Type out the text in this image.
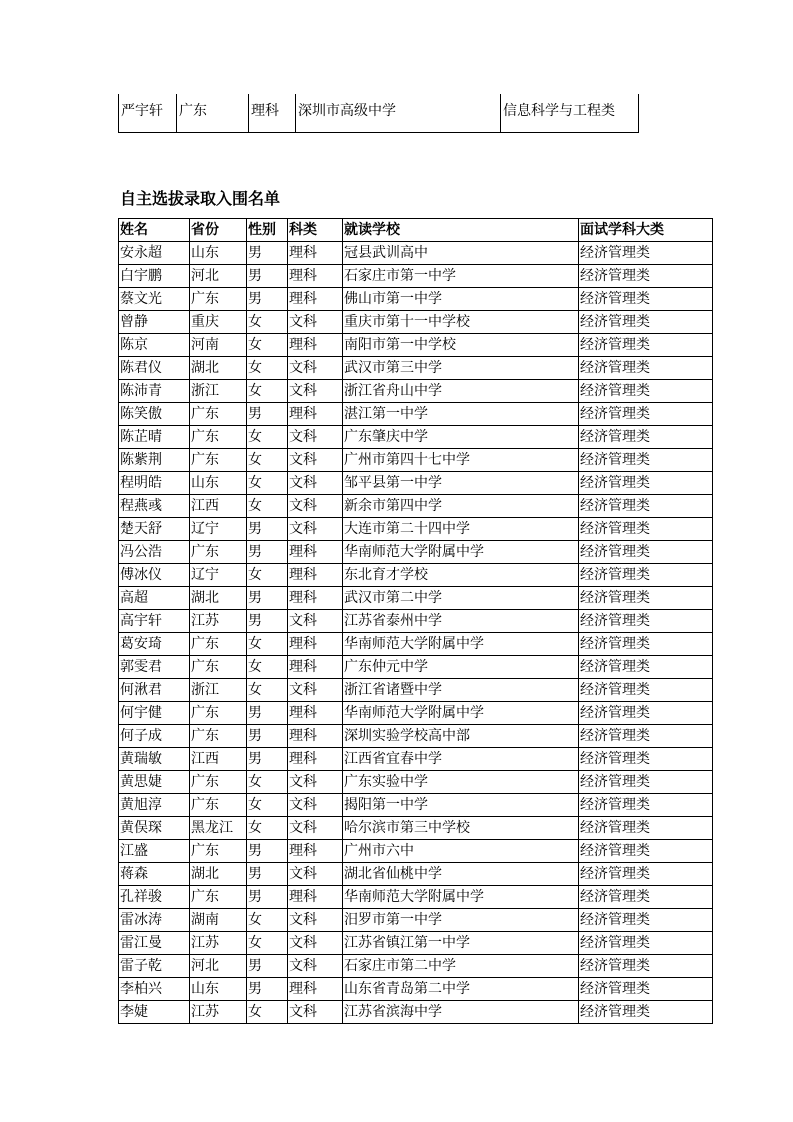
严宇轩	广东	理科	深圳市高级中学	信息科学与工程类
自主选拔录取入围名单
姓名	省份	性别	科类	就读学校	面试学科大类
安永超	山东	男	理科	冠县武训高中	经济管理类
白宇鹏	河北	男	理科	石家庄市第一中学	经济管理类
蔡文光	广东	男	理科	佛山市第一中学	经济管理类
曾静	重庆	女	文科	重庆市第十一中学校	经济管理类
陈京	河南	女	理科	南阳市第一中学校	经济管理类
陈君仪	湖北	女	文科	武汉市第三中学	经济管理类
陈沛青	浙江	女	文科	浙江省舟山中学	经济管理类
陈笑傲	广东	男	理科	湛江第一中学	经济管理类
陈芷晴	广东	女	文科	广东肇庆中学	经济管理类
陈紫荆	广东	女	文科	广州市第四十七中学	经济管理类
程明皓	山东	女	文科	邹平县第一中学	经济管理类
程燕彧	江西	女	文科	新余市第四中学	经济管理类
楚天舒	辽宁	男	文科	大连市第二十四中学	经济管理类
冯公浩	广东	男	理科	华南师范大学附属中学	经济管理类
傅冰仪	辽宁	女	理科	东北育才学校	经济管理类
高超	湖北	男	理科	武汉市第二中学	经济管理类
高宇轩	江苏	男	文科	江苏省泰州中学	经济管理类
葛安琦	广东	女	理科	华南师范大学附属中学	经济管理类
郭雯君	广东	女	理科	广东仲元中学	经济管理类
何湫君	浙江	女	文科	浙江省诸暨中学	经济管理类
何宇健	广东	男	理科	华南师范大学附属中学	经济管理类
何子成	广东	男	理科	深圳实验学校高中部	经济管理类
黄瑞敏	江西	男	理科	江西省宜春中学	经济管理类
黄思婕	广东	女	文科	广东实验中学	经济管理类
黄旭淳	广东	女	文科	揭阳第一中学	经济管理类
黄俣琛	黑龙江	女	文科	哈尔滨市第三中学校	经济管理类
江盛	广东	男	理科	广州市六中	经济管理类
蒋森	湖北	男	文科	湖北省仙桃中学	经济管理类
孔祥骏	广东	男	理科	华南师范大学附属中学	经济管理类
雷冰涛	湖南	女	文科	汨罗市第一中学	经济管理类
雷江曼	江苏	女	文科	江苏省镇江第一中学	经济管理类
雷子乾	河北	男	文科	石家庄市第二中学	经济管理类
李柏兴	山东	男	理科	山东省青岛第二中学	经济管理类
李婕	江苏	女	文科	江苏省滨海中学	经济管理类
